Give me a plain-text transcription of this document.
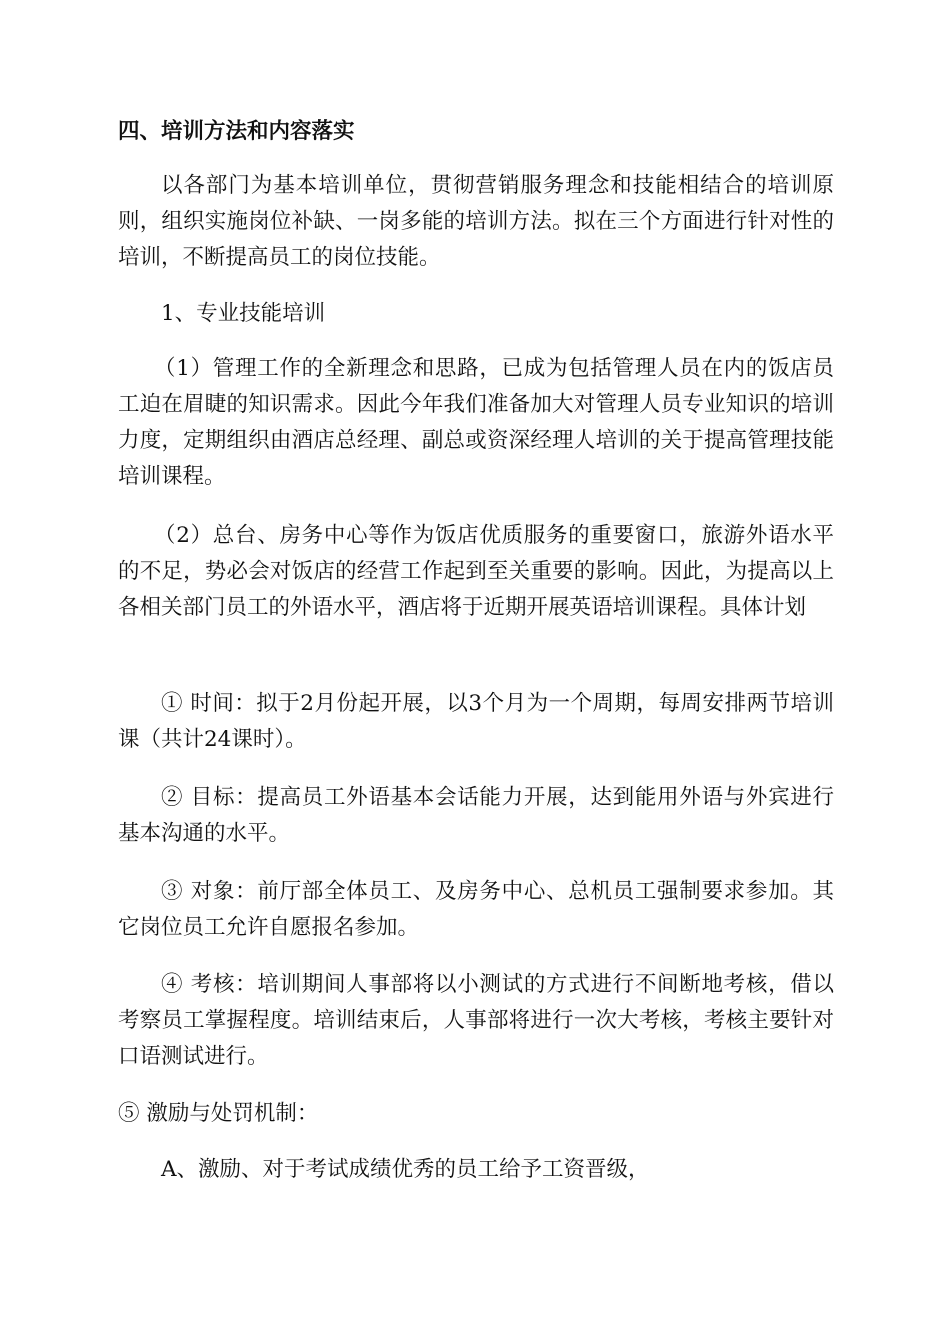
四、培训方法和内容落实

以各部门为基本培训单位，贯彻营销服务理念和技能相结合的培训原则，组织实施岗位补缺、一岗多能的培训方法。拟在三个方面进行针对性的培训，不断提高员工的岗位技能。

1、专业技能培训

（1）管理工作的全新理念和思路，已成为包括管理人员在内的饭店员工迫在眉睫的知识需求。因此今年我们准备加大对管理人员专业知识的培训力度，定期组织由酒店总经理、副总或资深经理人培训的关于提高管理技能培训课程。

（2）总台、房务中心等作为饭店优质服务的重要窗口，旅游外语水平的不足，势必会对饭店的经营工作起到至关重要的影响。因此，为提高以上各相关部门员工的外语水平，酒店将于近期开展英语培训课程。具体计划

① 时间：拟于2月份起开展，以3个月为一个周期，每周安排两节培训课（共计24课时）。

② 目标：提高员工外语基本会话能力开展，达到能用外语与外宾进行基本沟通的水平。

③ 对象：前厅部全体员工、及房务中心、总机员工强制要求参加。其它岗位员工允许自愿报名参加。

④ 考核：培训期间人事部将以小测试的方式进行不间断地考核，借以考察员工掌握程度。培训结束后，人事部将进行一次大考核，考核主要针对口语测试进行。

⑤ 激励与处罚机制：

A、激励、对于考试成绩优秀的员工给予工资晋级，
